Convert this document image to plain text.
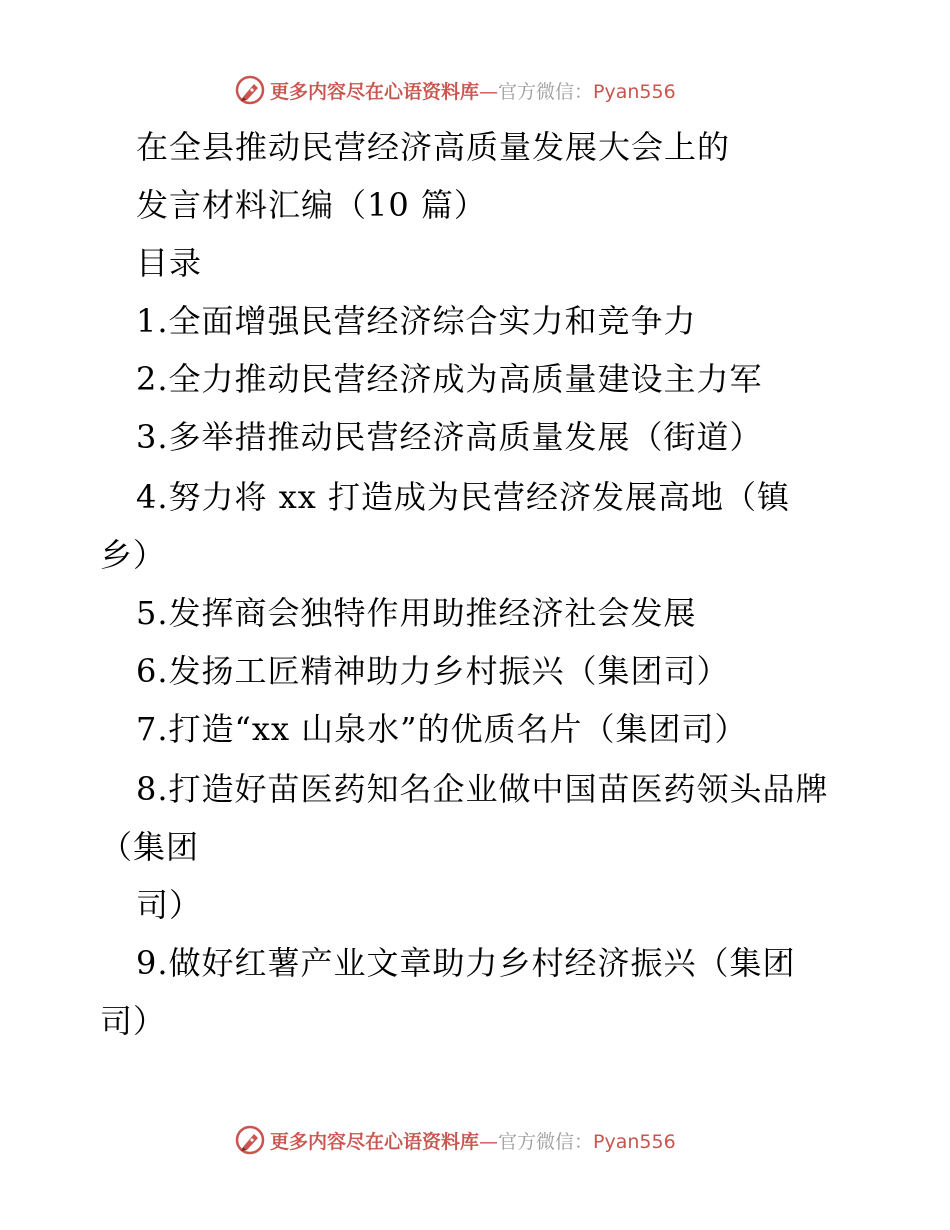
更多内容尽在心语资料库—官方微信：Pyan556
在全县推动民营经济高质量发展大会上的
发言材料汇编（10 篇）
目录
1.全面增强民营经济综合实力和竞争力
2.全力推动民营经济成为高质量建设主力军
3.多举措推动民营经济高质量发展（街道）
4.努力将 xx 打造成为民营经济发展高地（镇
乡）
5.发挥商会独特作用助推经济社会发展
6.发扬工匠精神助力乡村振兴（集团司）
7.打造“xx 山泉水”的优质名片（集团司）
8.打造好苗医药知名企业做中国苗医药领头品牌
（集团
司）
9.做好红薯产业文章助力乡村经济振兴（集团
司）
更多内容尽在心语资料库—官方微信：Pyan556
